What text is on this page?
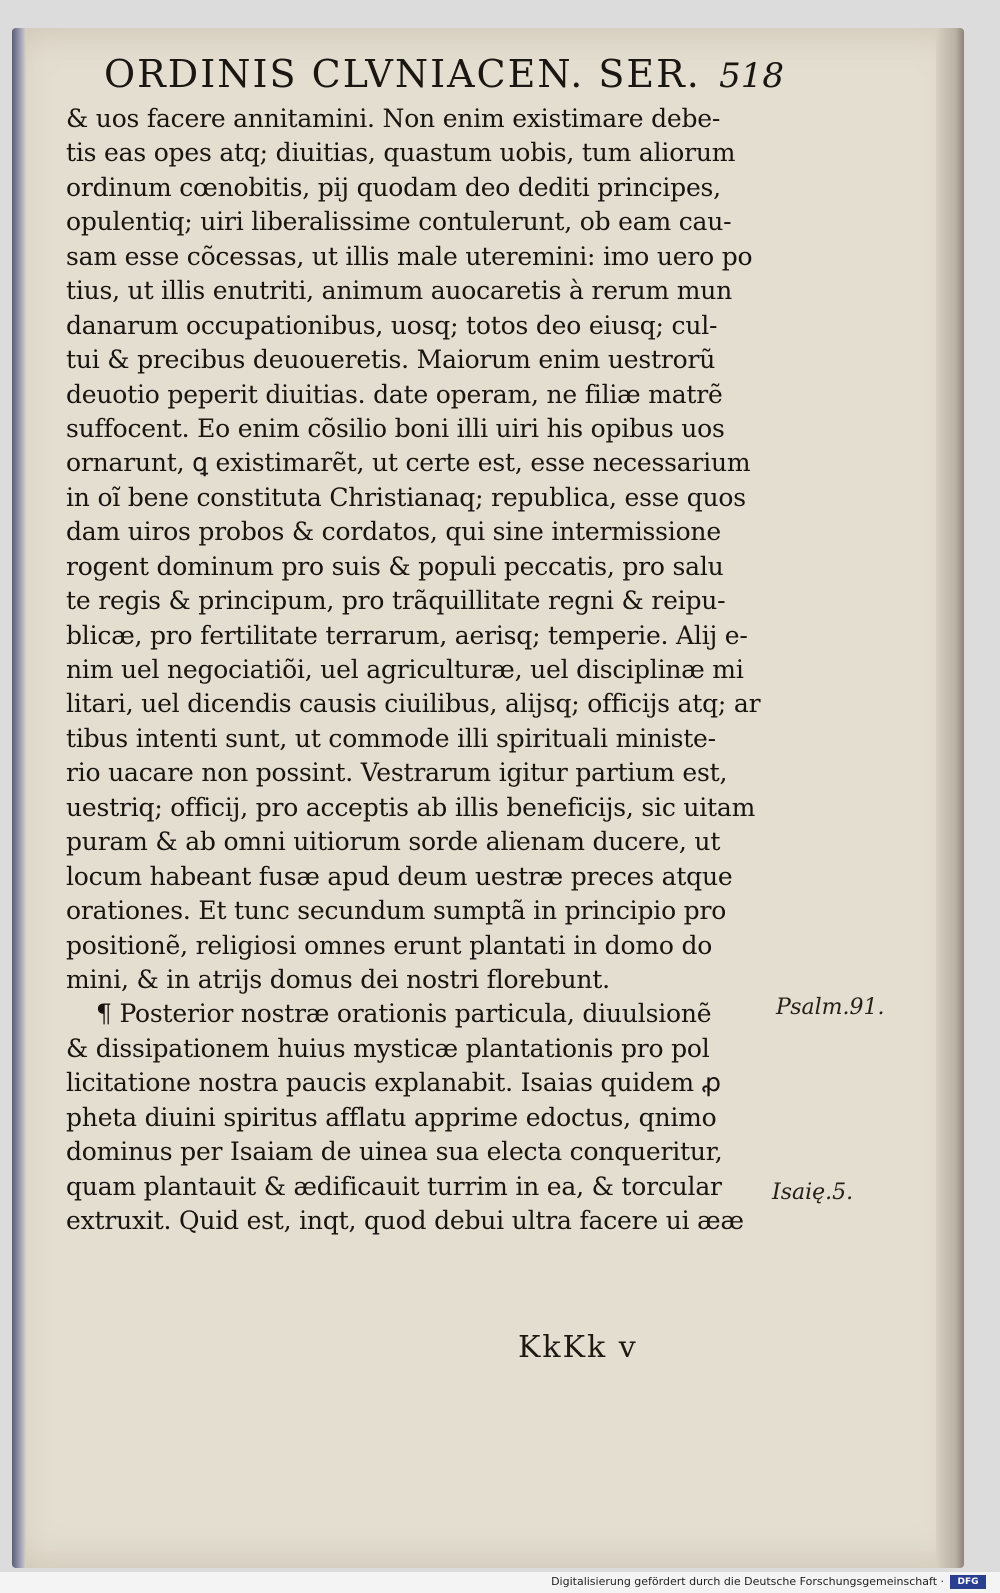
ORDINIS CLVNIACEN. SER. 518
& uos facere annitamini. Non enim existimare debe-
tis eas opes atq; diuitias, quastum uobis, tum aliorum
ordinum cœnobitis, pij quodam deo dediti principes,
opulentiq; uiri liberalissime contulerunt, ob eam cau-
sam esse cõcessas, ut illis male uteremini: imo uero po
tius, ut illis enutriti, animum auocaretis à rerum mun
danarum occupationibus, uosq; totos deo eiusq; cul-
tui & precibus deuoueretis. Maiorum enim uestrorũ
deuotio peperit diuitias. date operam, ne filiæ matrẽ
suffocent. Eo enim cõsilio boni illi uiri his opibus uos
ornarunt, ꝗ existimarẽt, ut certe est, esse necessarium
in oĩ bene constituta Christianaq; republica, esse quos
dam uiros probos & cordatos, qui sine intermissione
rogent dominum pro suis & populi peccatis, pro salu
te regis & principum, pro trãquillitate regni & reipu-
blicæ, pro fertilitate terrarum, aerisq; temperie. Alij e-
nim uel negociatiõi, uel agriculturæ, uel disciplinæ mi
litari, uel dicendis causis ciuilibus, alijsq; officijs atq; ar
tibus intenti sunt, ut commode illi spirituali ministe-
rio uacare non possint. Vestrarum igitur partium est,
uestriq; officij, pro acceptis ab illis beneficijs, sic uitam
puram & ab omni uitiorum sorde alienam ducere, ut
locum habeant fusæ apud deum uestræ preces atque
orationes. Et tunc secundum sumptã in principio pro
positionẽ, religiosi omnes erunt plantati in domo do
mini, & in atrijs domus dei nostri florebunt.
¶ Posterior nostræ orationis particula, diuulsionẽ
& dissipationem huius mysticæ plantationis pro pol
licitatione nostra paucis explanabit. Isaias quidem ꝓ
pheta diuini spiritus afflatu apprime edoctus, qnimo
dominus per Isaiam de uinea sua electa conqueritur,
quam plantauit & ædificauit turrim in ea, & torcular
extruxit. Quid est, inqt, quod debui ultra facere ui ææ
Psalm.91.
Isaię.5.
KkKk v
Digitalisierung gefördert durch die Deutsche Forschungsgemeinschaft ·	DFG
